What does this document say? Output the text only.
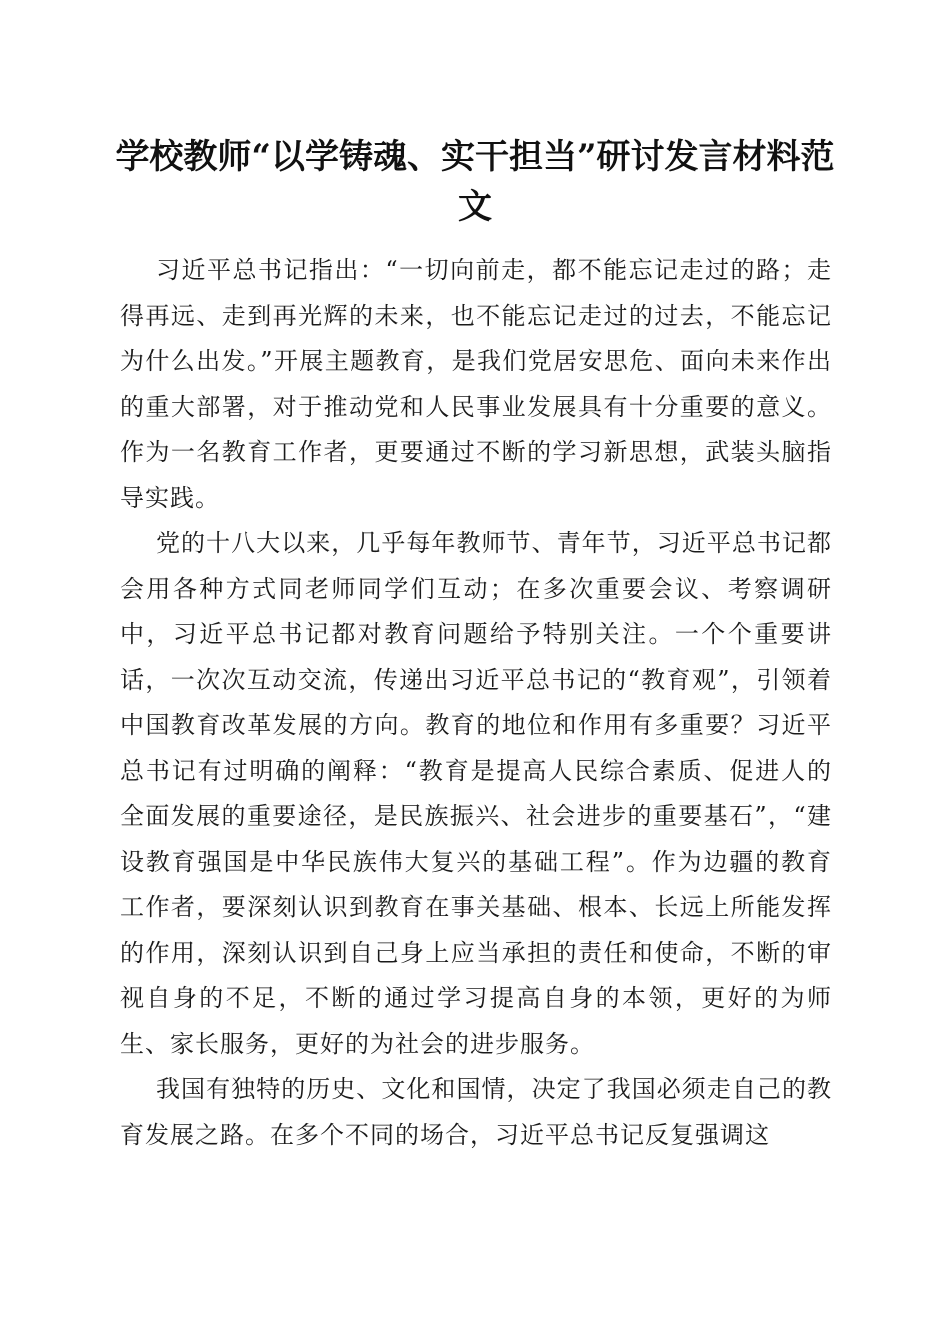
学校教师“以学铸魂、实干担当”研讨发言材料范文

习近平总书记指出：“一切向前走，都不能忘记走过的路；走得再远、走到再光辉的未来，也不能忘记走过的过去，不能忘记为什么出发。”开展主题教育，是我们党居安思危、面向未来作出的重大部署，对于推动党和人民事业发展具有十分重要的意义。作为一名教育工作者，更要通过不断的学习新思想，武装头脑指导实践。

党的十八大以来，几乎每年教师节、青年节，习近平总书记都会用各种方式同老师同学们互动；在多次重要会议、考察调研中，习近平总书记都对教育问题给予特别关注。一个个重要讲话，一次次互动交流，传递出习近平总书记的“教育观”，引领着中国教育改革发展的方向。教育的地位和作用有多重要？习近平总书记有过明确的阐释：“教育是提高人民综合素质、促进人的全面发展的重要途径，是民族振兴、社会进步的重要基石”，“建设教育强国是中华民族伟大复兴的基础工程”。作为边疆的教育工作者，要深刻认识到教育在事关基础、根本、长远上所能发挥的作用，深刻认识到自己身上应当承担的责任和使命，不断的审视自身的不足，不断的通过学习提高自身的本领，更好的为师生、家长服务，更好的为社会的进步服务。

我国有独特的历史、文化和国情，决定了我国必须走自己的教育发展之路。在多个不同的场合，习近平总书记反复强调这
